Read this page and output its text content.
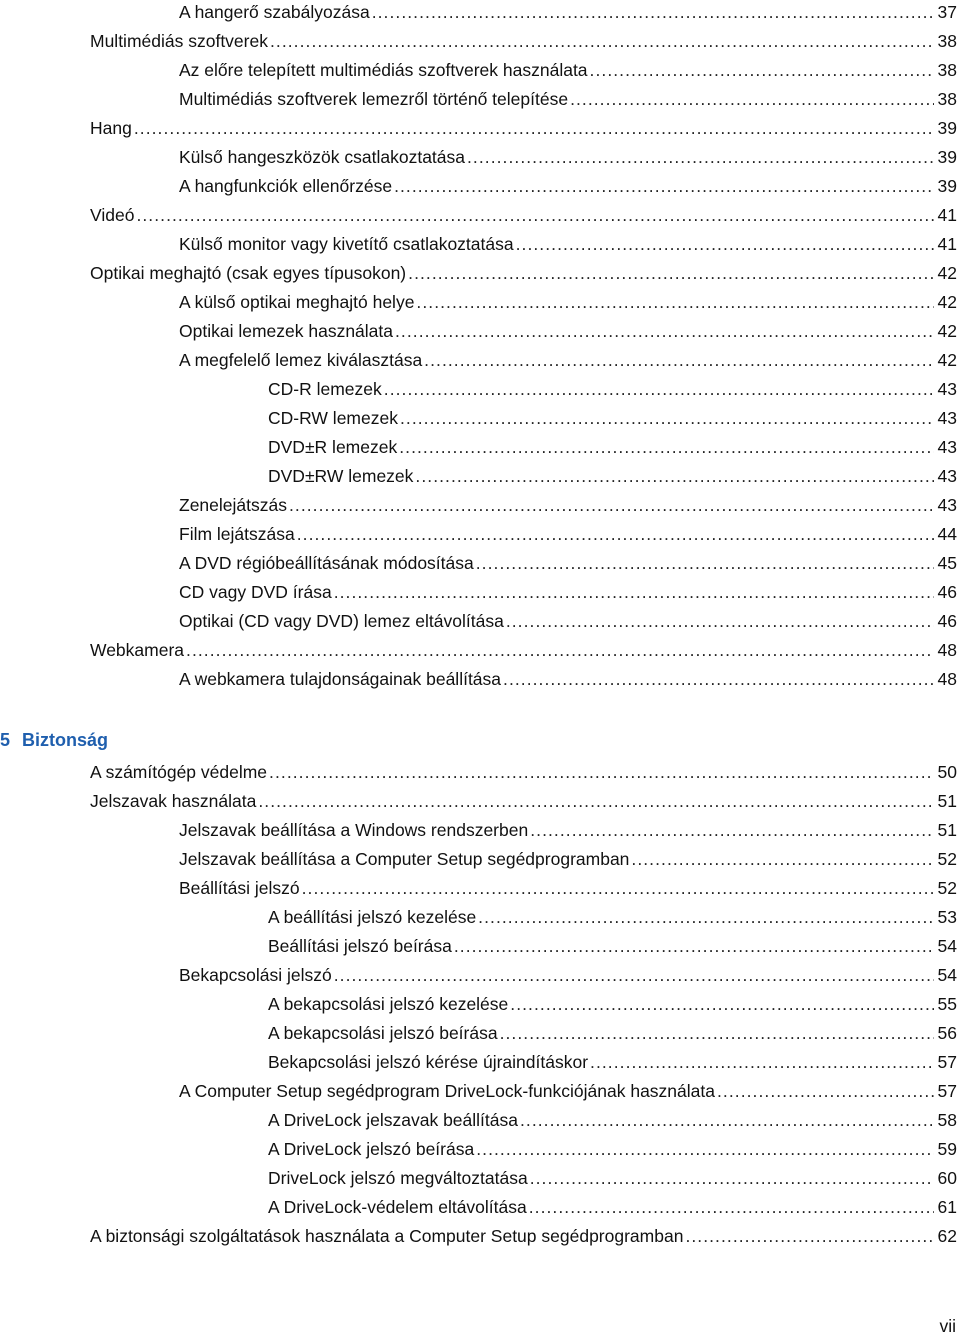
A hangerő szabályozása . . .	37
Multimédiás szoftverek . . .	38
Az előre telepített multimédiás szoftverek használata . . .	38
Multimédiás szoftverek lemezről történő telepítése . . .	38
Hang . . .	39
Külső hangeszközök csatlakoztatása . . .	39
A hangfunkciók ellenőrzése . . .	39
Videó . . .	41
Külső monitor vagy kivetítő csatlakoztatása . . .	41
Optikai meghajtó (csak egyes típusokon) . . .	42
A külső optikai meghajtó helye . . .	42
Optikai lemezek használata . . .	42
A megfelelő lemez kiválasztása . . .	42
CD-R lemezek . . .	43
CD-RW lemezek . . .	43
DVD±R lemezek . . .	43
DVD±RW lemezek . . .	43
Zenelejátszás . . .	43
Film lejátszása . . .	44
A DVD régióbeállításának módosítása . . .	45
CD vagy DVD írása . . .	46
Optikai (CD vagy DVD) lemez eltávolítása . . .	46
Webkamera . . .	48
A webkamera tulajdonságainak beállítása . . .	48
5 Biztonság
A számítógép védelme . . .	50
Jelszavak használata . . .	51
Jelszavak beállítása a Windows rendszerben . . .	51
Jelszavak beállítása a Computer Setup segédprogramban . . .	52
Beállítási jelszó . . .	52
A beállítási jelszó kezelése . . .	53
Beállítási jelszó beírása . . .	54
Bekapcsolási jelszó . . .	54
A bekapcsolási jelszó kezelése . . .	55
A bekapcsolási jelszó beírása . . .	56
Bekapcsolási jelszó kérése újraindításkor . . .	57
A Computer Setup segédprogram DriveLock-funkciójának használata . . .	57
A DriveLock jelszavak beállítása . . .	58
A DriveLock jelszó beírása . . .	59
DriveLock jelszó megváltoztatása . . .	60
A DriveLock-védelem eltávolítása . . .	61
A biztonsági szolgáltatások használata a Computer Setup segédprogramban . . .	62
vii
